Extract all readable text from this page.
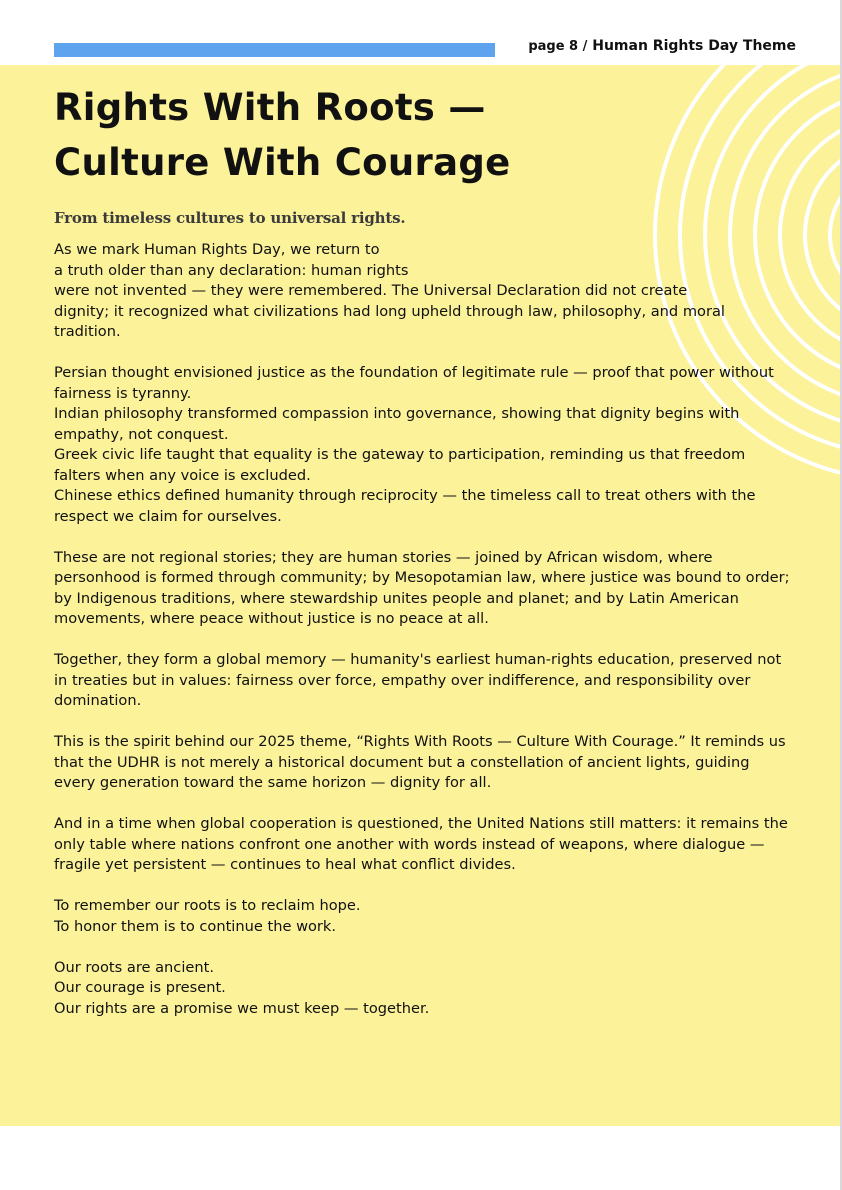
page 8 / Human Rights Day Theme
Rights With Roots —
Culture With Courage
From timeless cultures to universal rights.

As we mark Human Rights Day, we return to
a truth older than any declaration: human rights
were not invented — they were remembered. The Universal Declaration did not create
dignity; it recognized what civilizations had long upheld through law, philosophy, and moral
tradition.

Persian thought envisioned justice as the foundation of legitimate rule — proof that power without fairness is tyranny.

Indian philosophy transformed compassion into governance, showing that dignity begins with empathy, not conquest.

Greek civic life taught that equality is the gateway to participation, reminding us that freedom falters when any voice is excluded.

Chinese ethics defined humanity through reciprocity — the timeless call to treat others with the respect we claim for ourselves.

These are not regional stories; they are human stories — joined by African wisdom, where personhood is formed through community; by Mesopotamian law, where justice was bound to order; by Indigenous traditions, where stewardship unites people and planet; and by Latin American movements, where peace without justice is no peace at all.

Together, they form a global memory — humanity's earliest human-rights education, preserved not in treaties but in values: fairness over force, empathy over indifference, and responsibility over domination.

This is the spirit behind our 2025 theme, “Rights With Roots — Culture With Courage.” It reminds us that the UDHR is not merely a historical document but a constellation of ancient lights, guiding every generation toward the same horizon — dignity for all.

And in a time when global cooperation is questioned, the United Nations still matters: it remains the only table where nations confront one another with words instead of weapons, where dialogue — fragile yet persistent — continues to heal what conflict divides.

To remember our roots is to reclaim hope.

To honor them is to continue the work.

Our roots are ancient.

Our courage is present.

Our rights are a promise we must keep — together.
